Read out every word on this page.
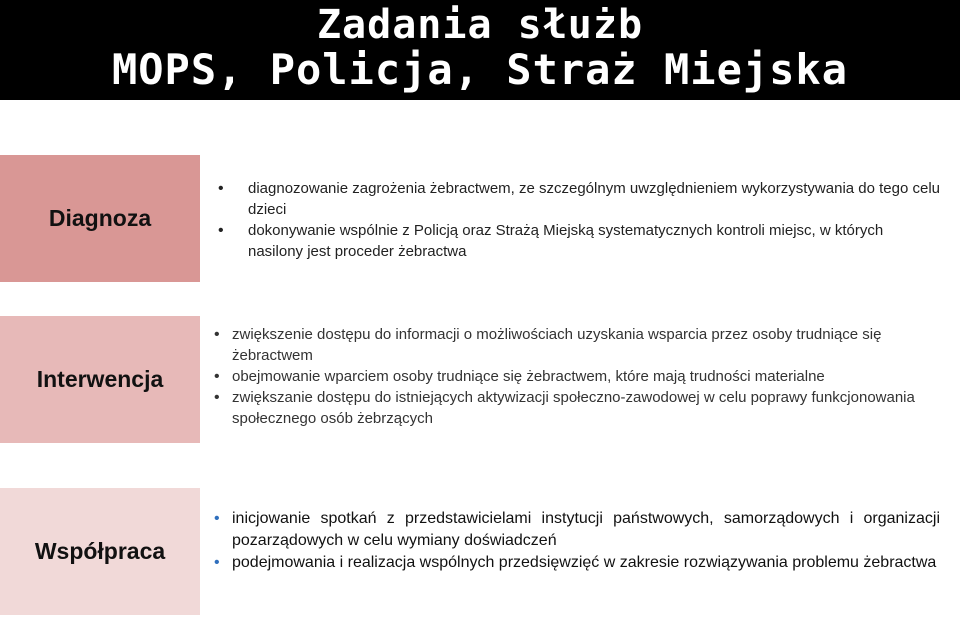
Zadania służb
MOPS, Policja, Straż Miejska
Diagnoza
• diagnozowanie zagrożenia żebractwem, ze szczególnym uwzględnieniem wykorzystywania do tego celu dzieci
• dokonywanie wspólnie z Policją oraz Strażą Miejską systematycznych kontroli miejsc, w których nasilony jest proceder żebractwa
Interwencja
• zwiększenie dostępu do informacji o możliwościach uzyskania wsparcia przez osoby trudniące się żebractwem
• obejmowanie wparciem osoby trudniące się żebractwem, które mają trudności materialne
• zwiększanie dostępu do istniejących aktywizacji społeczno-zawodowej w celu poprawy funkcjonowania społecznego osób żebrzących
Współpraca
• inicjowanie spotkań z przedstawicielami instytucji państwowych, samorządowych i organizacji pozarządowych w celu wymiany doświadczeń
• podejmowania i realizacja wspólnych przedsięwzięć w zakresie rozwiązywania problemu żebractwa
